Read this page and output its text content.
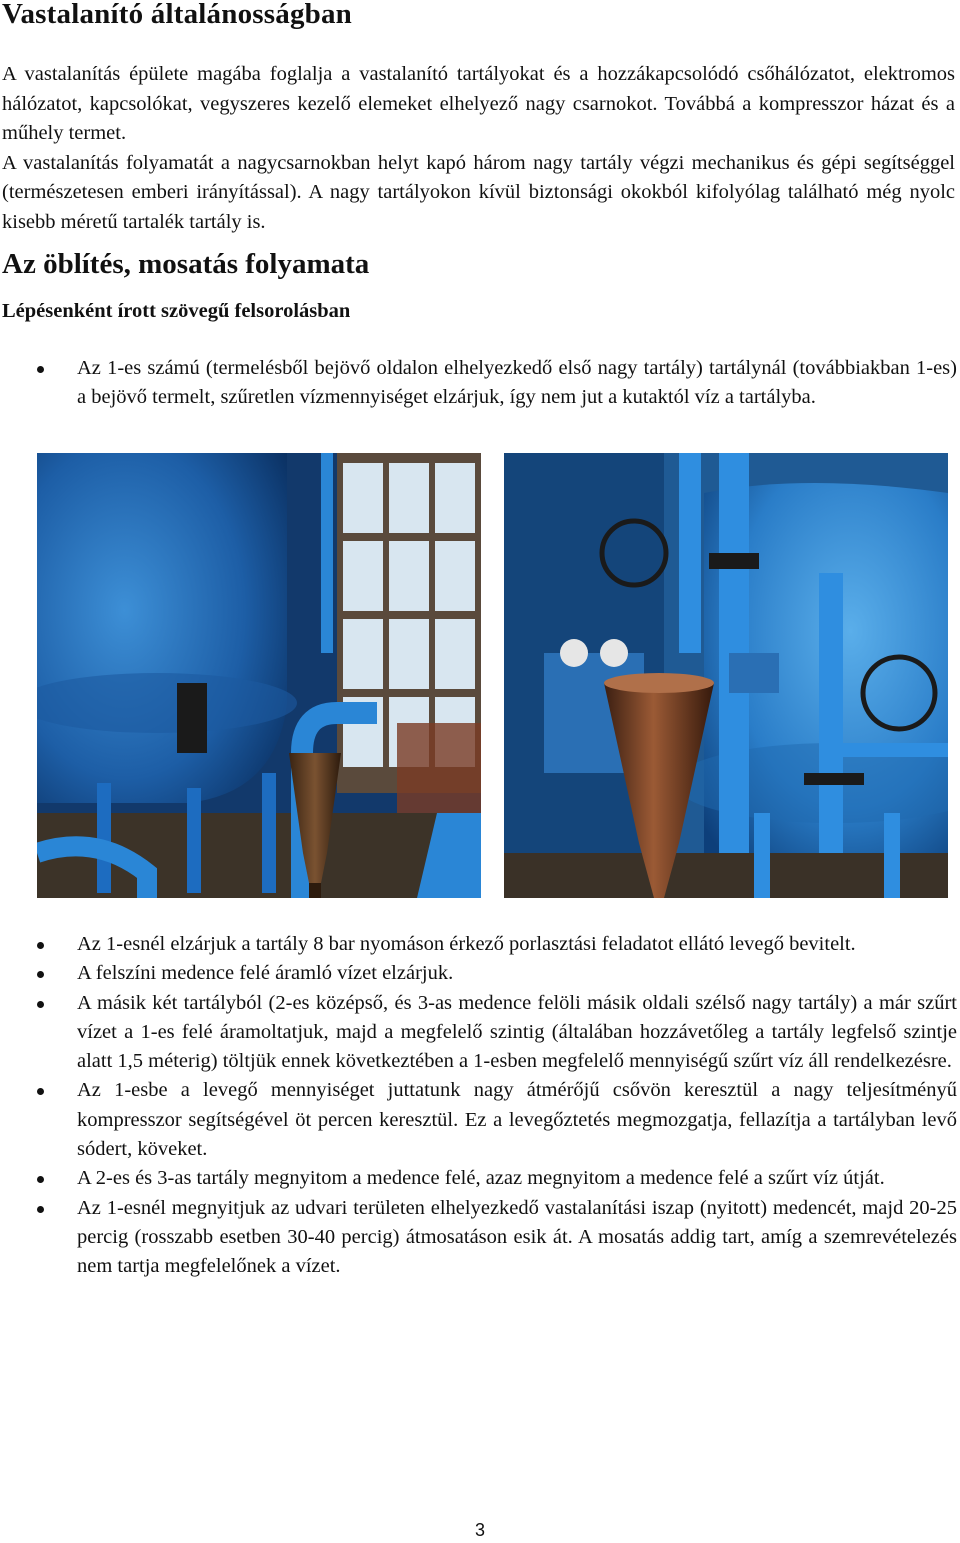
Vastalanító általánosságban

A vastalanítás épülete magába foglalja a vastalanító tartályokat és a hozzákapcsolódó csőhálózatot, elektromos hálózatot, kapcsolókat, vegyszeres kezelő elemeket elhelyező nagy csarnokot. Továbbá a kompresszor házat és a műhely termet.
A vastalanítás folyamatát a nagycsarnokban helyt kapó három nagy tartály végzi mechanikus és gépi segítséggel (természetesen emberi irányítással). A nagy tartályokon kívül biztonsági okokból kifolyólag található még nyolc kisebb méretű tartalék tartály is.

Az öblítés, mosatás folyamata
Lépésenként írott szövegű felsorolásban
Az 1-es számú (termelésből bejövő oldalon elhelyezkedő első nagy tartály) tartálynál (továbbiakban 1-es) a bejövő termelt, szűretlen vízmennyiséget elzárjuk, így nem jut a kutaktól víz a tartályba.
Az 1-esnél elzárjuk a tartály 8 bar nyomáson érkező porlasztási feladatot ellátó levegő bevitelt.
A felszíni medence felé áramló vízet elzárjuk.
A másik két tartályból (2-es középső, és 3-as medence felöli másik oldali szélső nagy tartály) a már szűrt vízet a 1-es felé áramoltatjuk, majd a megfelelő szintig (általában hozzávetőleg a tartály legfelső szintje alatt 1,5 méterig) töltjük ennek következtében a 1-esben megfelelő mennyiségű szűrt víz áll rendelkezésre.
Az 1-esbe a levegő mennyiséget juttatunk nagy átmérőjű csővön keresztül a nagy teljesítményű kompresszor segítségével öt percen keresztül. Ez a levegőztetés megmozgatja, fellazítja a tartályban levő sódert, köveket.
A 2-es és 3-as tartály megnyitom a medence felé, azaz megnyitom a medence felé a szűrt víz útját.
Az 1-esnél megnyitjuk az udvari területen elhelyezkedő vastalanítási iszap (nyitott) medencét, majd 20-25 percig (rosszabb esetben 30-40 percig) átmosatáson esik át. A mosatás addig tart, amíg a szemrevételezés nem tartja megfelelőnek a vízet.
3
